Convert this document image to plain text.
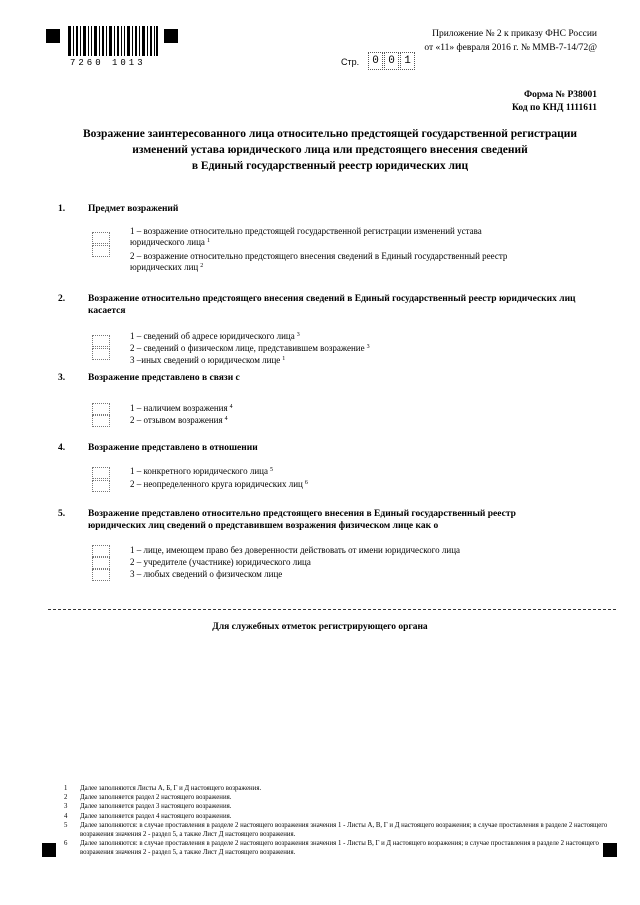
7260 1013
Приложение № 2 к приказу ФНС России
от «11» февраля 2016 г. № ММВ-7-14/72@
Стр.	0 0 1
Форма № Р38001
Код по КНД 1111611
Возражение заинтересованного лица относительно предстоящей государственной регистрации
изменений устава юридического лица или предстоящего внесения сведений
в Единый государственный реестр юридических лиц
1. Предмет возражений
1 – возражение относительно предстоящей государственной регистрации изменений устава
юридического лица $^1$
2 – возражение относительно предстоящего внесения сведений в Единый государственный реестр
юридических лиц $^2$
2. Возражение относительно предстоящего внесения сведений в Единый государственный реестр юридических лиц
касается
1 – сведений об адресе юридического лица $^3$
2 – сведений о физическом лице, представившем возражение $^3$
3 –иных сведений о юридическом лице $^1$
3. Возражение представлено в связи с
1 – наличием возражения $^4$
2 – отзывом возражения $^4$
4. Возражение представлено в отношении
1 – конкретного юридического лица $^5$
2 – неопределенного круга юридических лиц $^6$
5. Возражение представлено относительно предстоящего внесения в Единый государственный реестр
юридических лиц сведений о представившем возражения физическом лице как о
1 – лице, имеющем право без доверенности действовать от имени юридического лица
2 – учредителе (участнике) юридического лица
3 – любых сведений о физическом лице
Для служебных отметок регистрирующего органа
1	Далее заполняются Листы А, Б, Г и Д настоящего возражения.
2	Далее заполняется раздел 2 настоящего возражения.
3	Далее заполняется раздел 3 настоящего возражения.
4	Далее заполняется раздел 4 настоящего возражения.
5	Далее заполняются: в случае проставления в разделе 2 настоящего возражения значения 1 - Листы А, В, Г и Д настоящего возражения; в случае проставления в разделе 2 настоящего возражения значения 2 - раздел 5, а также Лист Д настоящего возражения.
6	Далее заполняются: в случае проставления в разделе 2 настоящего возражения значения 1 - Листы В, Г и Д настоящего возражения; в случае проставления в разделе 2 настоящего возражения значения 2 - раздел 5, а также Лист Д настоящего возражения.
